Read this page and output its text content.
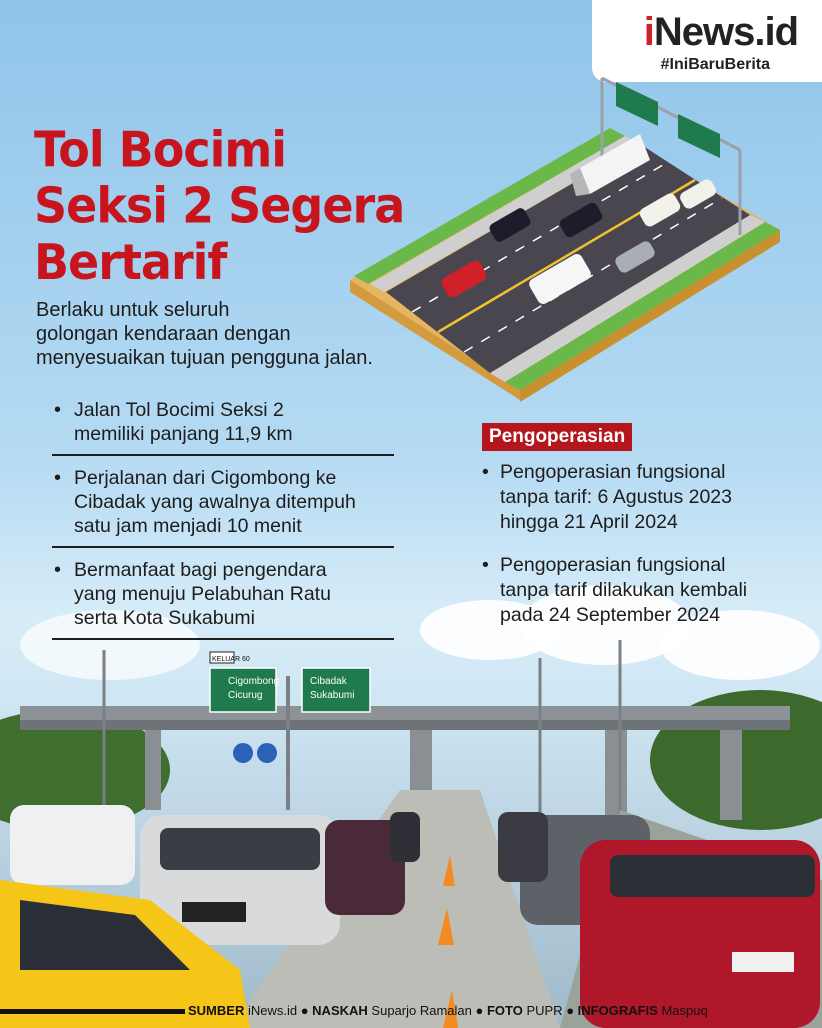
iNews.id
#IniBaruBerita
Tol Bocimi
Seksi 2 Segera
Bertarif
Berlaku untuk seluruh
golongan kendaraan dengan
menyesuaikan tujuan pengguna jalan.
• Jalan Tol Bocimi Seksi 2
memiliki panjang 11,9 km
• Perjalanan dari Cigombong ke
Cibadak yang awalnya ditempuh
satu jam menjadi 10 menit
• Bermanfaat bagi pengendara
yang menuju Pelabuhan Ratu
serta Kota Sukabumi
Pengoperasian
• Pengoperasian fungsional
tanpa tarif: 6 Agustus 2023
hingga 21 April 2024
• Pengoperasian fungsional
tanpa tarif dilakukan kembali
pada 24 September 2024
KELUAR 60
Cigombong
Cicurug
Cibadak
Sukabumi
SUMBER iNews.id ● NASKAH Suparjo Ramalan ● FOTO PUPR ● INFOGRAFIS Maspuq
